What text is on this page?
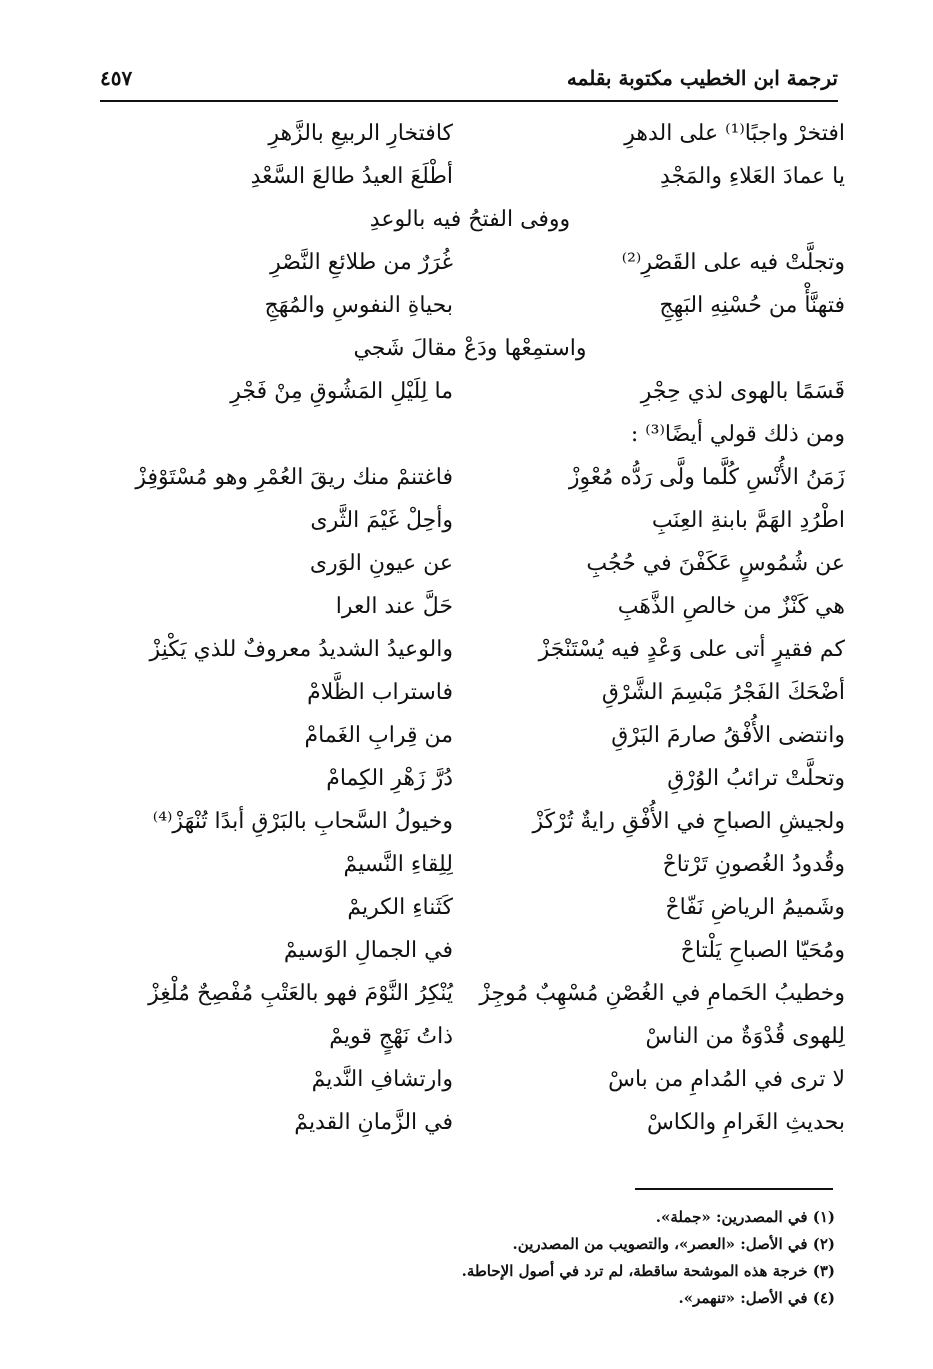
ترجمة ابن الخطيب مكتوبة بقلمه
٤٥٧
افتخرْ واجبًا⁽¹⁾ على الدهرِ
كافتخارِ الربيعِ بالزَّهرِ
يا عمادَ العَلاءِ والمَجْدِ
أطْلَعَ العيدُ طالعَ السَّعْدِ
ووفى الفتحُ فيه بالوعدِ
وتجلَّتْ فيه على القَصْرِ⁽²⁾
غُرَرٌ من طلائعِ النَّصْرِ
فتهنَّأْ من حُسْنِهِ البَهِجِ
بحياةِ النفوسِ والمُهَجِ
واستمِعْها ودَعْ مقالَ شَجي
قَسَمًا بالهوى لذي حِجْرِ
ما لِلَيْلِ المَشُوقِ مِنْ فَجْرِ
ومن ذلك قولي أيضًا⁽³⁾ :
زَمَنُ الأُنْسِ كُلَّما ولَّى رَدُّه مُعْوِزْ
فاغتنمْ منك ريقَ العُمْرِ وهو مُسْتَوْفِزْ
اطْرُدِ الهَمَّ بابنةِ العِنَبِ
وأحِلْ غَيْمَ الثَّرى
عن شُمُوسٍ عَكَفْنَ في حُجُبِ
عن عيونِ الوَرى
هي كَنْزٌ من خالصِ الذَّهَبِ
حَلَّ عند العرا
كم فقيرٍ أتى على وَعْدٍ فيه يُسْتَنْجَزْ
والوعيدُ الشديدُ معروفٌ للذي يَكْنِزْ
أضْحَكَ الفَجْرُ مَبْسِمَ الشَّرْقِ
فاستراب الظَّلامْ
وانتضى الأُفْقُ صارمَ البَرْقِ
من قِرابِ الغَمامْ
وتحلَّتْ ترائبُ الوُرْقِ
دُرَّ زَهْرِ الكِمامْ
ولجيشِ الصباحِ في الأُفْقِ رايةٌ تُرْكَزْ
وخيولُ السَّحابِ بالبَرْقِ أبدًا تُنْهَزْ⁽⁴⁾
وقُدودُ الغُصونِ تَرْتاحْ
لِلِقاءِ النَّسيمْ
وشَميمُ الرياضِ نَفّاحْ
كَثَناءِ الكريمْ
ومُحَيّا الصباحِ يَلْتاحْ
في الجمالِ الوَسيمْ
وخطيبُ الحَمامِ في الغُصْنِ مُسْهِبٌ مُوجِزْ
يُنْكِرُ النَّوْمَ فهو بالعَتْبِ مُفْصِحٌ مُلْغِزْ
لِلهوى قُدْوَةٌ من الناسْ
ذاتُ نَهْجٍ قويمْ
لا ترى في المُدامِ من باسْ
وارتشافِ النَّديمْ
بحديثِ الغَرامِ والكاسْ
في الزَّمانِ القديمْ
(١) في المصدرين: «جملة».
(٢) في الأصل: «العصر»، والتصويب من المصدرين.
(٣) خرجة هذه الموشحة ساقطة، لم ترد في أصول الإحاطة.
(٤) في الأصل: «تنهمر».
